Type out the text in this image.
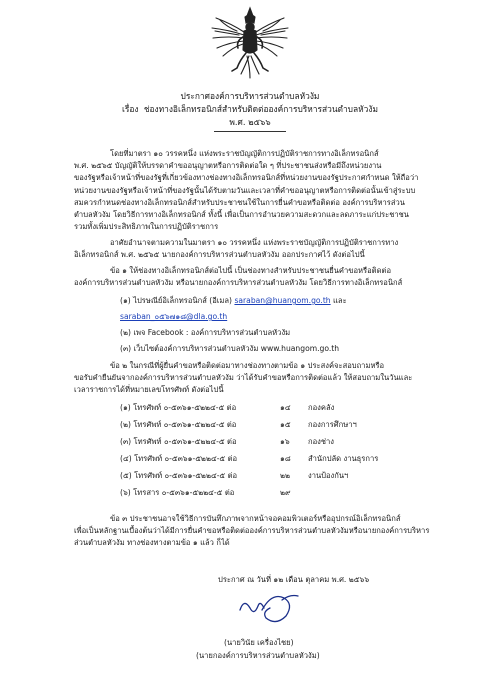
ประกาศองค์การบริหารส่วนตำบลหัวงัม
เรื่อง ช่องทางอิเล็กทรอนิกส์สำหรับติดต่อองค์การบริหารส่วนตำบลหัวงัม
พ.ศ. ๒๕๖๖
โดยที่มาตรา ๑๐ วรรคหนึ่ง แห่งพระราชบัญญัติการปฏิบัติราชการทางอิเล็กทรอนิกส์
พ.ศ. ๒๕๖๕ บัญญัติให้บรรดาคำขออนุญาตหรือการติดต่อใด ๆ ที่ประชาชนส่งหรือมีถึงหน่วยงาน
ของรัฐหรือเจ้าหน้าที่ของรัฐที่เกี่ยวข้องทางช่องทางอิเล็กทรอนิกส์ที่หน่วยงานของรัฐประกาศกำหนด ให้ถือว่า
หน่วยงานของรัฐหรือเจ้าหน้าที่ของรัฐนั้นได้รับตามวันและเวลาที่คำขออนุญาตหรือการติดต่อนั้นเข้าสู่ระบบ
สมควรกำหนดช่องทางอิเล็กทรอนิกส์สำหรับประชาชนใช้ในการยื่นคำขอหรือติดต่อ องค์การบริหารส่วน
ตำบลหัวงัม โดยวิธีการทางอิเล็กทรอนิกส์ ทั้งนี้ เพื่อเป็นการอำนวยความสะดวกและลดภาระแก่ประชาชน
รวมทั้งเพิ่มประสิทธิภาพในการปฏิบัติราชการ
อาศัยอำนาจตามความในมาตรา ๑๐ วรรคหนึ่ง แห่งพระราชบัญญัติการปฏิบัติราชการทาง
อิเล็กทรอนิกส์ พ.ศ. ๒๕๖๕ นายกองค์การบริหารส่วนตำบลหัวงัม ออกประกาศไว้ ดังต่อไปนี้
ข้อ ๑ ให้ช่องทางอิเล็กทรอนิกส์ต่อไปนี้ เป็นช่องทางสำหรับประชาชนยื่นคำขอหรือติดต่อ
องค์การบริหารส่วนตำบลหัวงัม หรือนายกองค์การบริหารส่วนตำบลหัวงัม โดยวิธีการทางอิเล็กทรอนิกส์
(๑) ไปรษณีย์อิเล็กทรอนิกส์ (อีเมล) saraban@huangom.go.th และ
saraban_๐๕๖๗๑๘@dla.go.th
(๒) เพจ Facebook : องค์การบริหารส่วนตำบลหัวงัม
(๓) เว็บไซต์องค์การบริหารส่วนตำบลหัวงัม www.huangom.go.th
ข้อ ๒ ในกรณีที่ผู้ยื่นคำขอหรือติดต่อมาทางช่องทางตามข้อ ๑ ประสงค์จะสอบถามหรือ
ขอรับคำยืนยันจากองค์การบริหารส่วนตำบลหัวงัม ว่าได้รับคำขอหรือการติดต่อแล้ว ให้สอบถามในวันและ
เวลาราชการได้ที่หมายเลขโทรศัพท์ ดังต่อไปนี้
(๑) โทรศัพท์ ๐-๕๓๖๑-๕๒๒๔-๕ ต่อ	๑๔ กองคลัง
(๒) โทรศัพท์ ๐-๕๓๖๑-๕๒๒๔-๕ ต่อ	๑๕ กองการศึกษาฯ
(๓) โทรศัพท์ ๐-๕๓๖๑-๕๒๒๔-๕ ต่อ	๑๖ กองช่าง
(๔) โทรศัพท์ ๐-๕๓๖๑-๕๒๒๔-๕ ต่อ	๑๘ สำนักปลัด งานธุรการ
(๕) โทรศัพท์ ๐-๕๓๖๑-๕๒๒๔-๕ ต่อ	๒๒ งานป้องกันฯ
(๖) โทรสาร ๐-๕๓๖๑-๕๒๒๔-๕ ต่อ	๒๙
ข้อ ๓ ประชาชนอาจใช้วิธีการบันทึกภาพจากหน้าจอคอมพิวเตอร์หรืออุปกรณ์อิเล็กทรอนิกส์
เพื่อเป็นหลักฐานเบื้องต้นว่าได้มีการยื่นคำขอหรือติดต่อองค์การบริหารส่วนตำบลหัวงัมหรือนายกองค์การบริหาร
ส่วนตำบลหัวงัม ทางช่องทางตามข้อ ๑ แล้ว ก็ได้
ประกาศ ณ วันที่ ๑๒ เดือน ตุลาคม พ.ศ. ๒๕๖๖
(นายวินัย เครื่องไชย)
(นายกองค์การบริหารส่วนตำบลหัวงัม)
